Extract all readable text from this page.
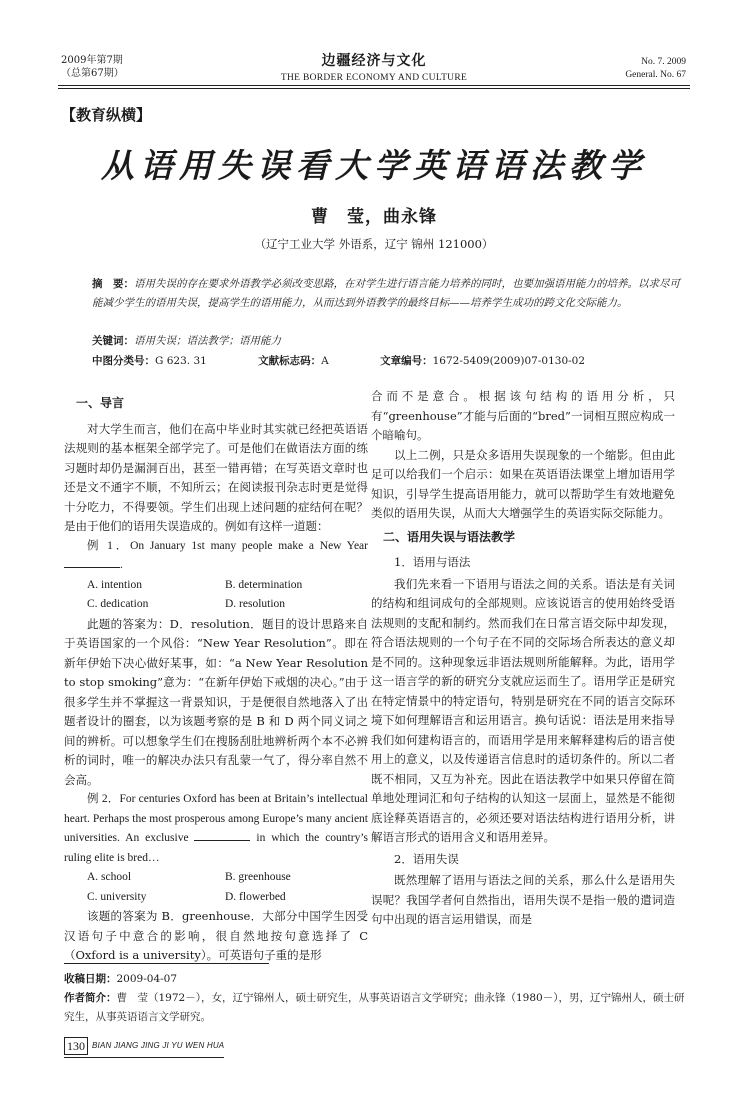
2009年第7期
（总第67期）
边疆经济与文化
THE BORDER ECONOMY AND CULTURE
No. 7. 2009
General. No. 67
【教育纵横】
从语用失误看大学英语语法教学
曹　莹，曲永锋
（辽宁工业大学 外语系，辽宁 锦州 121000）
摘　要：语用失误的存在要求外语教学必须改变思路，在对学生进行语言能力培养的同时，也要加强语用能力的培养。以求尽可能减少学生的语用失误，提高学生的语用能力，从而达到外语教学的最终目标——培养学生成功的跨文化交际能力。
关键词：语用失误；语法教学；语用能力
中图分类号：G 623. 31	文献标志码：A	文章编号：1672-5409(2009)07-0130-02
一、导言

对大学生而言，他们在高中毕业时其实就已经把英语语法规则的基本框架全部学完了。可是他们在做语法方面的练习题时却仍是漏洞百出，甚至一错再错；在写英语文章时也还是文不通字不顺，不知所云；在阅读报刊杂志时更是觉得十分吃力，不得要领。学生们出现上述问题的症结何在呢？是由于他们的语用失误造成的。例如有这样一道题：

例 1．On January 1st many people make a New Year .

A. intention	B. determination
C. dedication	D. resolution

此题的答案为：D．resolution．题目的设计思路来自于英语国家的一个风俗：“New Year Resolution”。即在新年伊始下决心做好某事，如：“a New Year Resolution to stop smoking”意为：“在新年伊始下戒烟的决心。”由于很多学生并不掌握这一背景知识，于是便很自然地落入了出题者设计的圈套，以为该题考察的是 B 和 D 两个同义词之间的辨析。可以想象学生们在搜肠刮肚地辨析两个本不必辨析的词时，唯一的解决办法只有乱蒙一气了，得分率自然不会高。

例 2．For centuries Oxford has been at Britain’s intellectual heart. Perhaps the most prosperous among Europe’s many ancient universities. An exclusive	in which the country’s ruling elite is bred…

A. school	B. greenhouse
C. university	D. flowerbed

该题的答案为 B．greenhouse．大部分中国学生因受汉语句子中意合的影响，很自然地按句意选择了 C（Oxford is a university）。可英语句子重的是形

合而不是意合。根据该句结构的语用分析，只有“greenhouse”才能与后面的“bred”一词相互照应构成一个暗喻句。

以上二例，只是众多语用失误现象的一个缩影。但由此足可以给我们一个启示：如果在英语语法课堂上增加语用学知识，引导学生提高语用能力，就可以帮助学生有效地避免类似的语用失误，从而大大增强学生的英语实际交际能力。

二、语用失误与语法教学
1．语用与语法

我们先来看一下语用与语法之间的关系。语法是有关词的结构和组词成句的全部规则。应该说语言的使用始终受语法规则的支配和制约。然而我们在日常言语交际中却发现，符合语法规则的一个句子在不同的交际场合所表达的意义却是不同的。这种现象远非语法规则所能解释。为此，语用学这一语言学的新的研究分支就应运而生了。语用学正是研究在特定情景中的特定语句，特别是研究在不同的语言交际环境下如何理解语言和运用语言。换句话说：语法是用来指导我们如何建构语言的，而语用学是用来解释建构后的语言使用上的意义，以及传递语言信息时的适切条件的。所以二者既不相同，又互为补充。因此在语法教学中如果只停留在简单地处理词汇和句子结构的认知这一层面上，显然是不能彻底诠释英语语言的，必须还要对语法结构进行语用分析，讲解语言形式的语用含义和语用差异。

2．语用失误

既然理解了语用与语法之间的关系，那么什么是语用失误呢？我国学者何自然指出，语用失误不是指一般的遣词造句中出现的语言运用错误，而是

收稿日期：2009-04-07
作者简介：曹　莹（1972－），女，辽宁锦州人，硕士研究生，从事英语语言文学研究；曲永锋（1980－），男，辽宁锦州人，硕士研究生，从事英语语言文学研究。
130 BIAN JIANG JING JI YU WEN HUA
